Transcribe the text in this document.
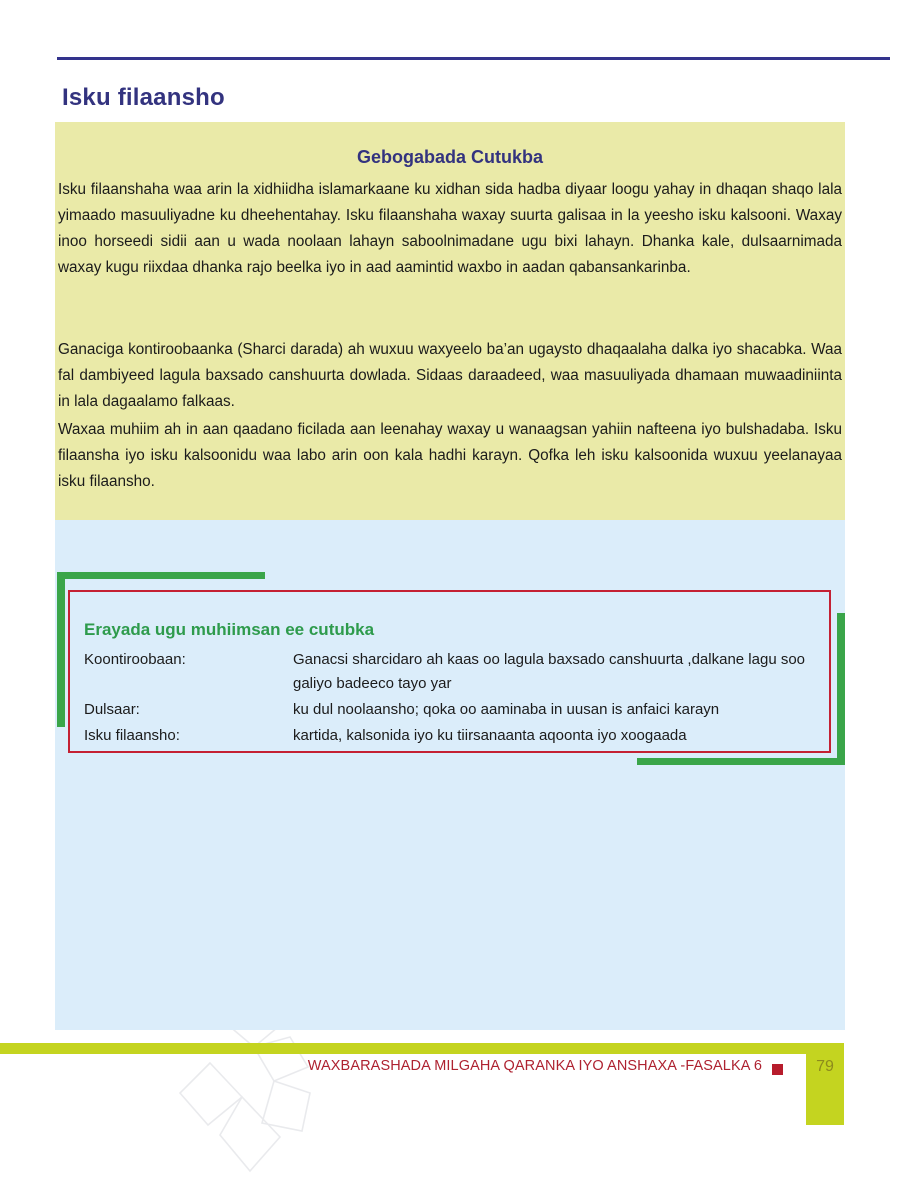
Isku filaansho
Gebogabada Cutukba

Isku filaanshaha waa arin la xidhiidha islamarkaane ku xidhan sida hadba diyaar loogu yahay in dhaqan shaqo lala yimaado masuuliyadne ku dheehentahay. Isku filaanshaha waxay suurta galisaa in la yeesho isku kalsooni. Waxay inoo horseedi sidii aan u wada noolaan lahayn saboolnimadane ugu bixi lahayn. Dhanka kale, dulsaarnimada waxay kugu riixdaa dhanka rajo beelka iyo in aad aamintid waxbo in aadan qabansankarinba.

Ganaciga kontiroobaanka (Sharci darada) ah wuxuu waxyeelo ba’an ugaysto dhaqaalaha dalka iyo shacabka. Waa fal dambiyeed lagula baxsado canshuurta dowlada. Sidaas daraadeed, waa masuuliyada dhamaan muwaadiniinta in lala dagaalamo falkaas.

Waxaa muhiim ah in aan qaadano ficilada aan leenahay waxay u wanaagsan yahiin nafteena iyo bulshadaba. Isku filaansha iyo isku kalsoonidu waa labo arin oon kala hadhi karayn. Qofka leh isku kalsoonida wuxuu yeelanayaa isku filaansho.

Erayada ugu muhiimsan ee cutubka
Koontiroobaan:	Ganacsi sharcidaro ah kaas oo lagula baxsado canshuurta ,dalkane lagu soo galiyo badeeco tayo yar
Dulsaar:	ku dul noolaansho; qoka oo aaminaba in uusan is anfaici karayn
Isku filaansho:	kartida, kalsonida iyo ku tiirsanaanta aqoonta iyo xoogaada
WAXBARASHADA MILGAHA QARANKA IYO ANSHAXA -FASALKA 6	79
